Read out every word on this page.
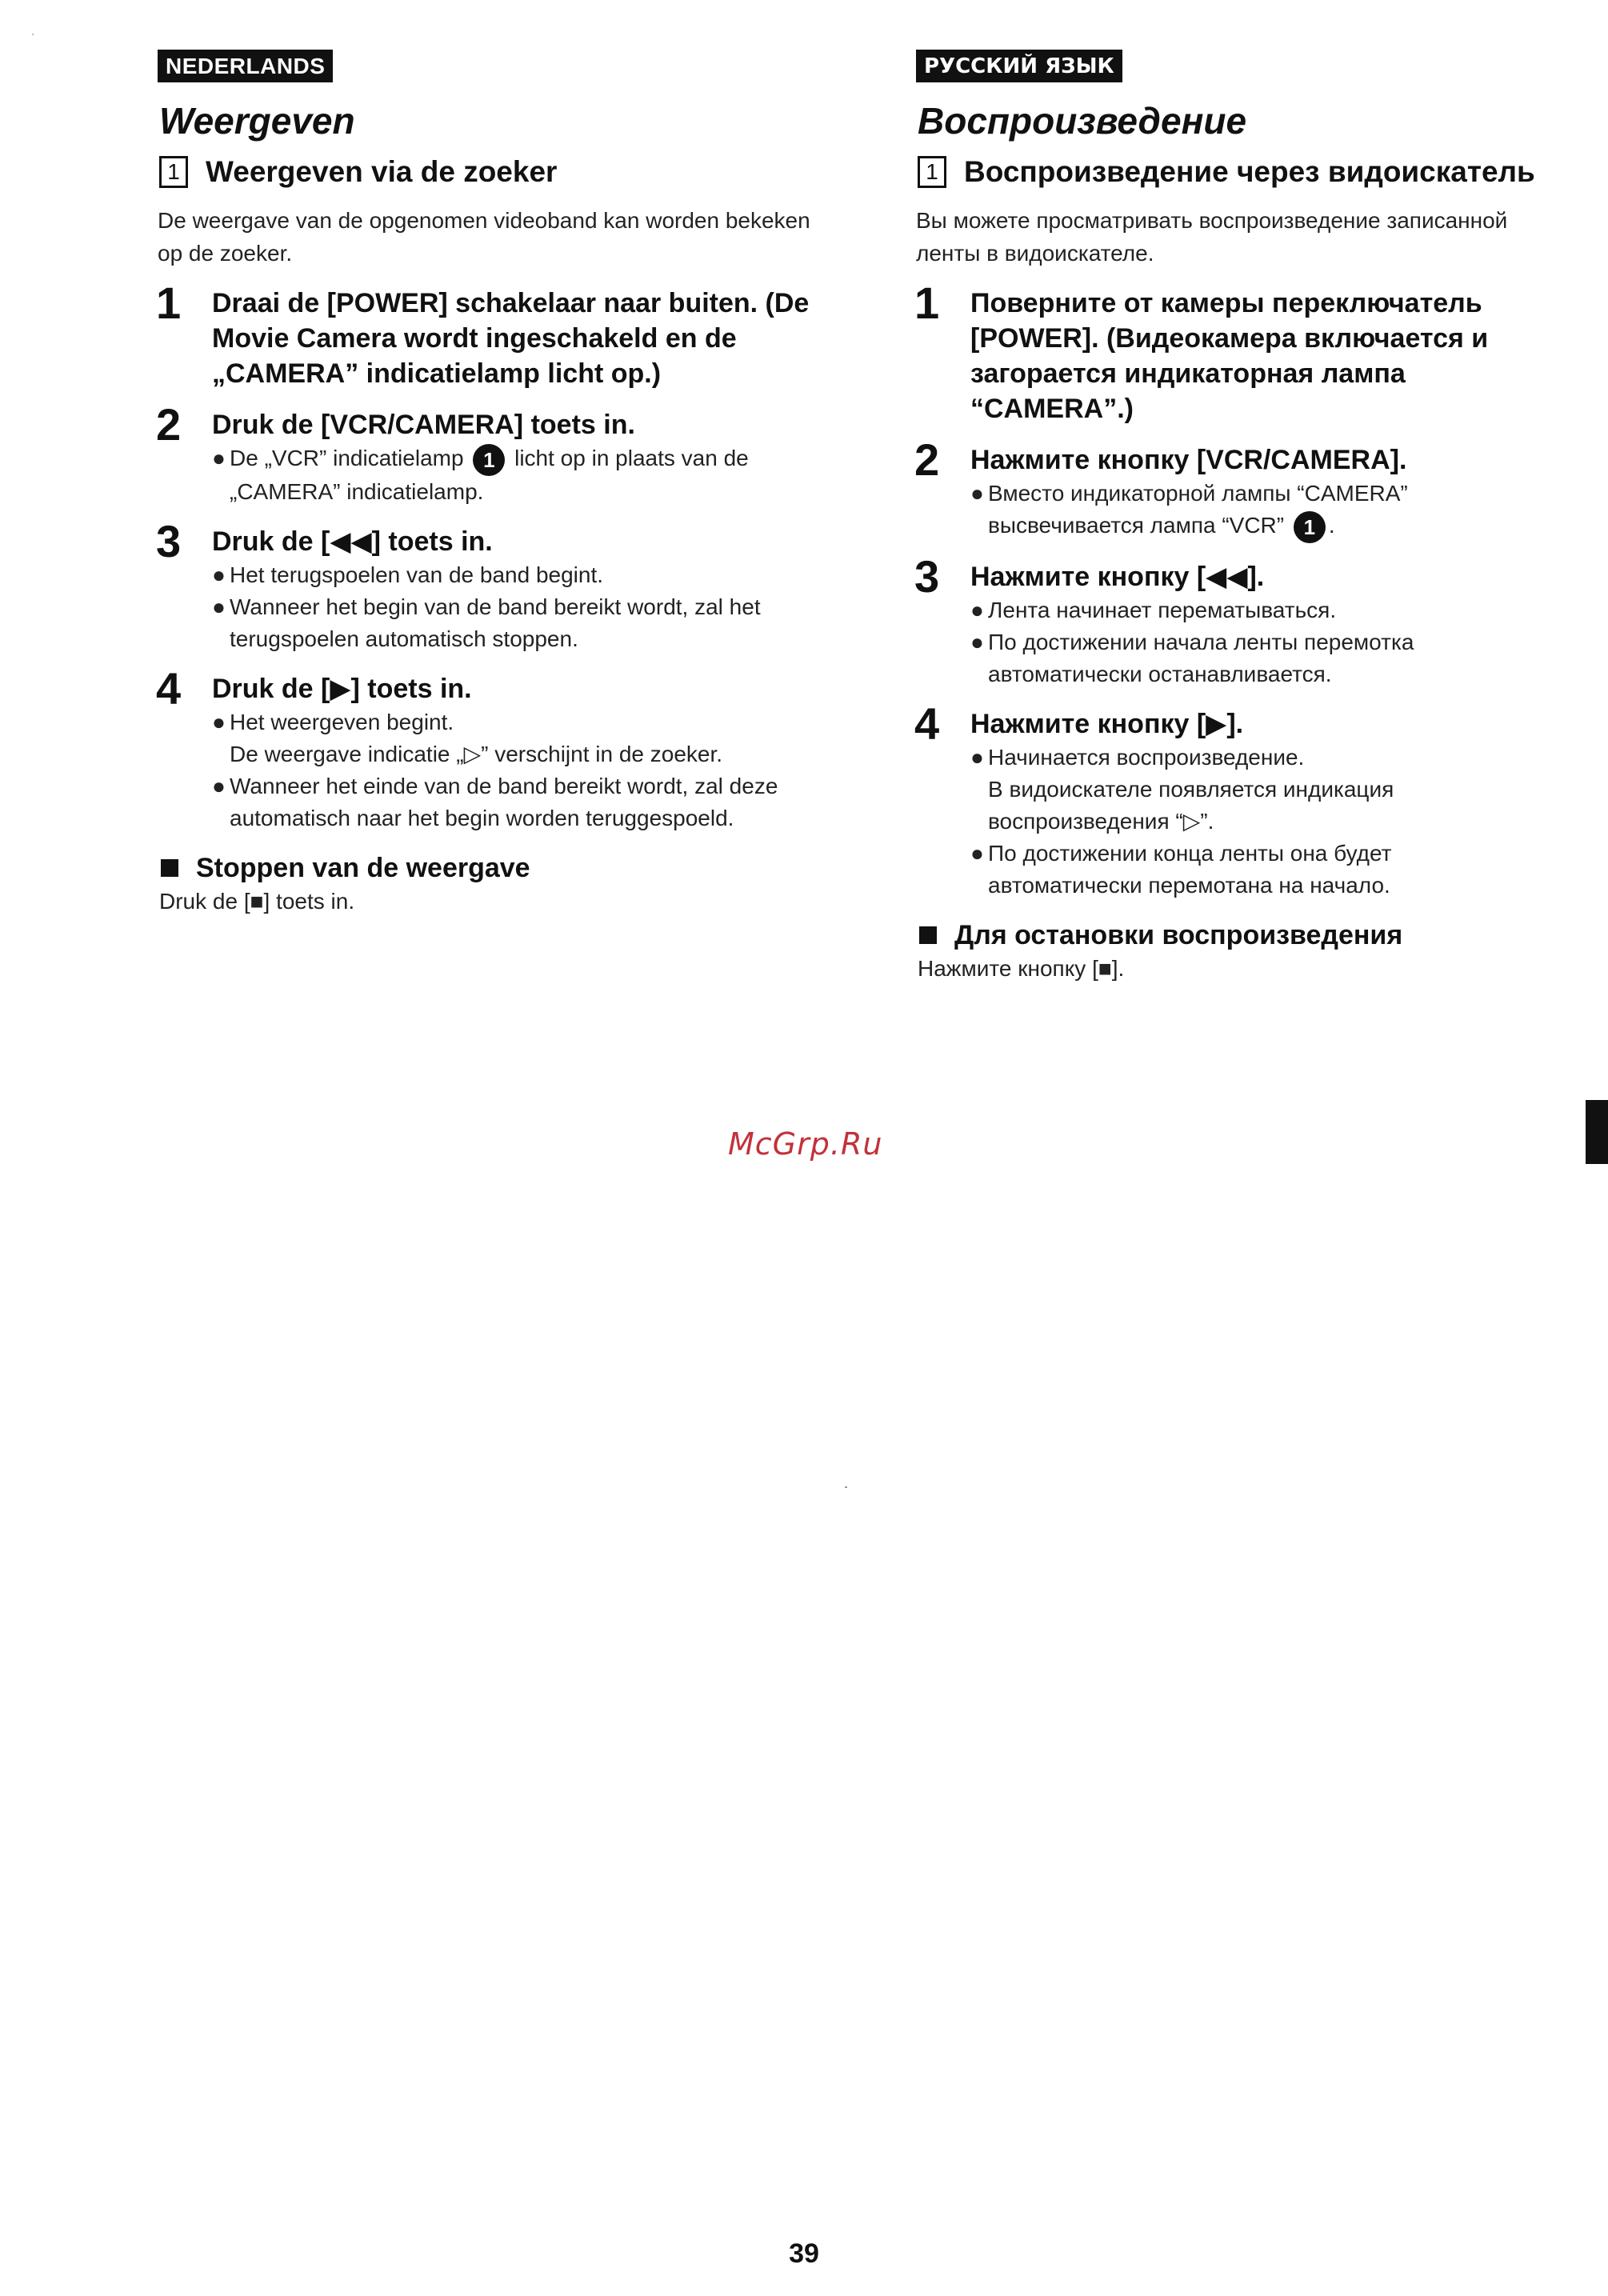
NEDERLANDS
Weergeven
1 Weergeven via de zoeker
De weergave van de opgenomen videoband kan worden bekeken op de zoeker.
1	Draai de [POWER] schakelaar naar buiten. (De Movie Camera wordt ingeschakeld en de „CAMERA” indicatielamp licht op.)
2	Druk de [VCR/CAMERA] toets in.
● De „VCR” indicatielamp 1 licht op in plaats van de „CAMERA” indicatielamp.
3	Druk de [◀◀] toets in.
● Het terugspoelen van de band begint.
● Wanneer het begin van de band bereikt wordt, zal het terugspoelen automatisch stoppen.
4	Druk de [▶] toets in.
● Het weergeven begint.
De weergave indicatie „▷” verschijnt in de zoeker.
● Wanneer het einde van de band bereikt wordt, zal deze automatisch naar het begin worden teruggespoeld.
Stoppen van de weergave
Druk de [■] toets in.
РУССКИЙ ЯЗЫК
Воспроизведение
1 Воспроизведение через видоискатель
Вы можете просматривать воспроизведение записанной ленты в видоискателе.
1	Поверните от камеры переключатель [POWER]. (Видеокамера включается и загорается индикаторная лампа “CAMERA”.)
2	Нажмите кнопку [VCR/CAMERA].
● Вместо индикаторной лампы “CAMERA” высвечивается лампа “VCR” 1 .
3	Нажмите кнопку [◀◀].
● Лента начинает перематываться.
● По достижении начала ленты перемотка автоматически останавливается.
4	Нажмите кнопку [▶].
● Начинается воспроизведение.
В видоискателе появляется индикация воспроизведения “▷”.
● По достижении конца ленты она будет автоматически перемотана на начало.
Для остановки воспроизведения
Нажмите кнопку [■].
McGrp.Ru
39
